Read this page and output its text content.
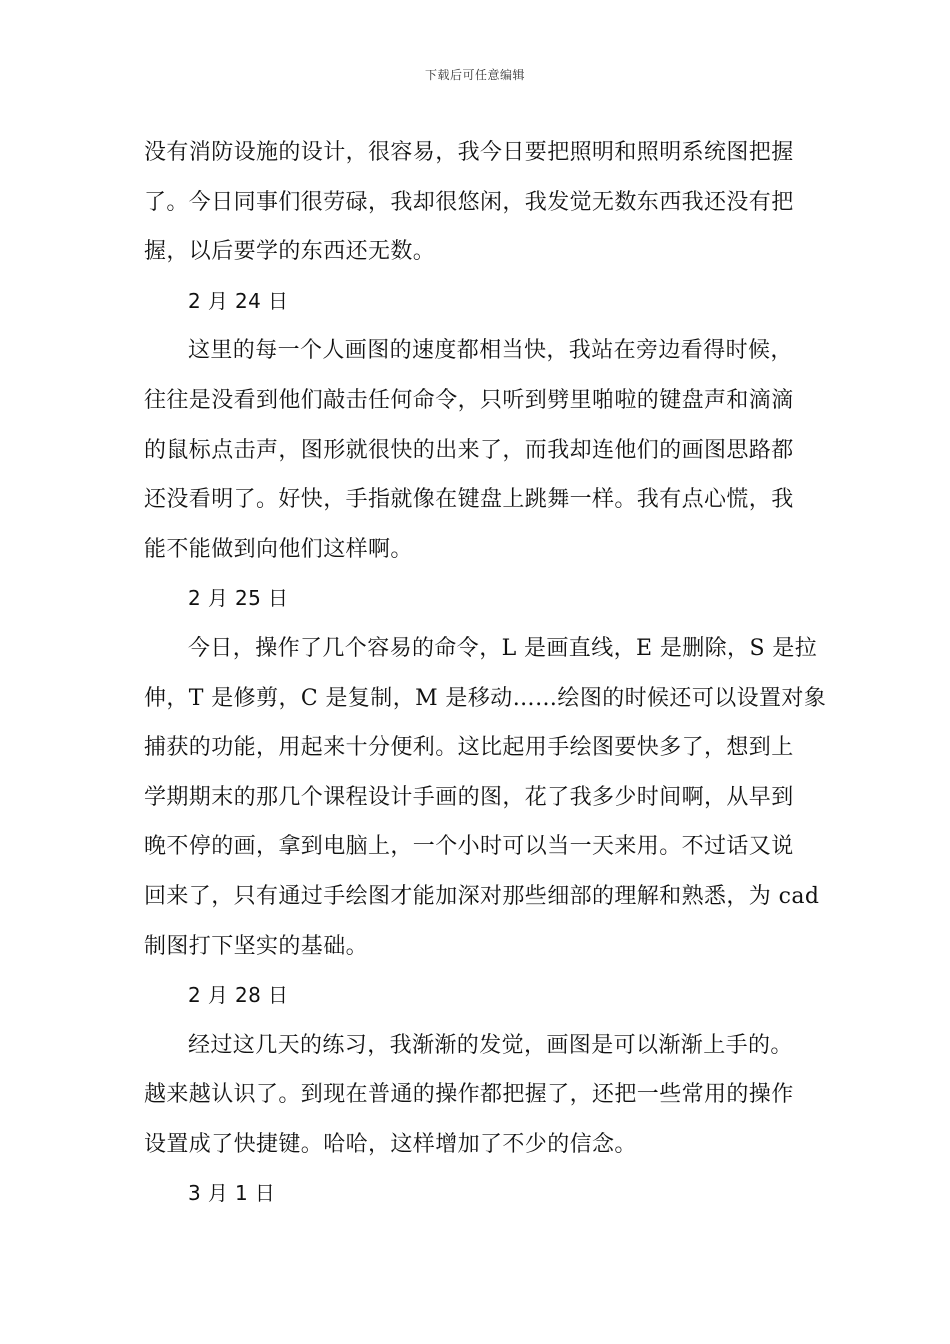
下载后可任意编辑
没有消防设施的设计，很容易，我今日要把照明和照明系统图把握
了。今日同事们很劳碌，我却很悠闲，我发觉无数东西我还没有把
握，以后要学的东西还无数。
2 月 24 日
这里的每一个人画图的速度都相当快，我站在旁边看得时候，
往往是没看到他们敲击任何命令，只听到劈里啪啦的键盘声和滴滴
的鼠标点击声，图形就很快的出来了，而我却连他们的画图思路都
还没看明了。好快，手指就像在键盘上跳舞一样。我有点心慌，我
能不能做到向他们这样啊。
2 月 25 日
今日，操作了几个容易的命令，L 是画直线，E 是删除，S 是拉
伸，T 是修剪，C 是复制，M 是移动……绘图的时候还可以设置对象
捕获的功能，用起来十分便利。这比起用手绘图要快多了，想到上
学期期末的那几个课程设计手画的图，花了我多少时间啊，从早到
晚不停的画，拿到电脑上，一个小时可以当一天来用。不过话又说
回来了，只有通过手绘图才能加深对那些细部的理解和熟悉，为 cad
制图打下坚实的基础。
2 月 28 日
经过这几天的练习，我渐渐的发觉，画图是可以渐渐上手的。
越来越认识了。到现在普通的操作都把握了，还把一些常用的操作
设置成了快捷键。哈哈，这样增加了不少的信念。
3 月 1 日
